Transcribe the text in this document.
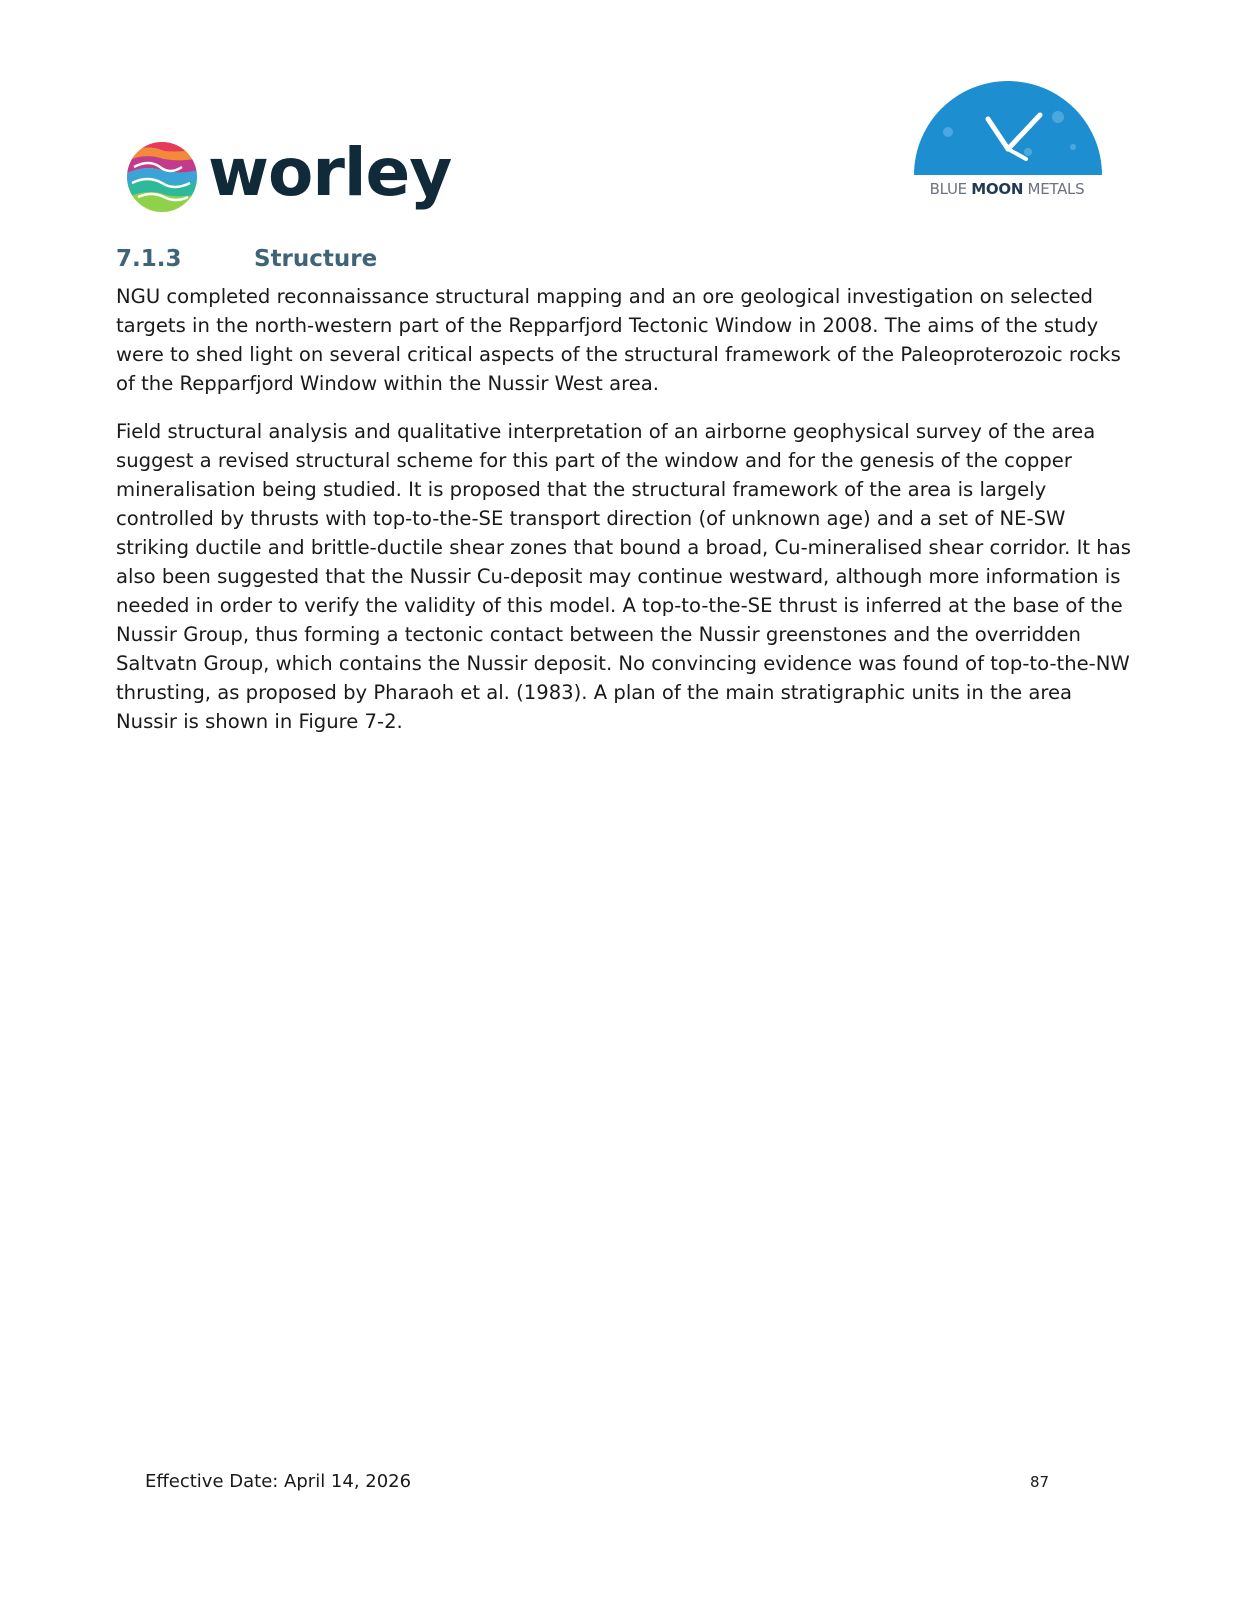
worley	BLUE MOON METALS
7.1.3	Structure

NGU completed reconnaissance structural mapping and an ore geological investigation on selected targets in the north-western part of the Repparfjord Tectonic Window in 2008. The aims of the study were to shed light on several critical aspects of the structural framework of the Paleoproterozoic rocks of the Repparfjord Window within the Nussir West area.

Field structural analysis and qualitative interpretation of an airborne geophysical survey of the area suggest a revised structural scheme for this part of the window and for the genesis of the copper mineralisation being studied. It is proposed that the structural framework of the area is largely controlled by thrusts with top-to-the-SE transport direction (of unknown age) and a set of NE-SW striking ductile and brittle-ductile shear zones that bound a broad, Cu-mineralised shear corridor. It has also been suggested that the Nussir Cu-deposit may continue westward, although more information is needed in order to verify the validity of this model. A top-to-the-SE thrust is inferred at the base of the Nussir Group, thus forming a tectonic contact between the Nussir greenstones and the overridden Saltvatn Group, which contains the Nussir deposit. No convincing evidence was found of top-to-the-NW thrusting, as proposed by Pharaoh et al. (1983). A plan of the main stratigraphic units in the area Nussir is shown in Figure 7-2.

Effective Date: April 14, 2026	87
